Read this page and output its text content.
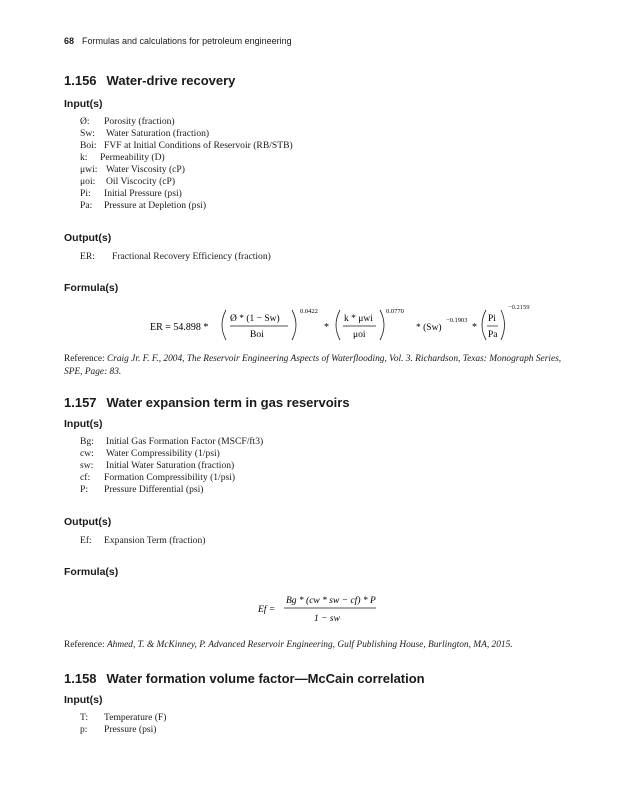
68 Formulas and calculations for petroleum engineering
1.156 Water-drive recovery
Input(s)
Ø: Porosity (fraction)
Sw: Water Saturation (fraction)
Boi: FVF at Initial Conditions of Reservoir (RB/STB)
k: Permeability (D)
μwi: Water Viscosity (cP)
μoi: Oil Viscocity (cP)
Pi: Initial Pressure (psi)
Pa: Pressure at Depletion (psi)
Output(s)
ER: Fractional Recovery Efficiency (fraction)
Formula(s)
ER = 54.898 *
Ø * (1 − Sw)
Boi
0.0422
*
k * μwi
μoi
0.0770
* (Sw)
−0.1903
*
Pi
Pa
−0.2159
Reference: Craig Jr. F. F., 2004, The Reservoir Engineering Aspects of Waterflooding, Vol. 3. Richardson, Texas: Monograph Series, SPE, Page: 83.
1.157 Water expansion term in gas reservoirs
Input(s)
Bg: Initial Gas Formation Factor (MSCF/ft3)
cw: Water Compressibility (1/psi)
sw: Initial Water Saturation (fraction)
cf: Formation Compressibility (1/psi)
P: Pressure Differential (psi)
Output(s)
Ef: Expansion Term (fraction)
Formula(s)
Ef =
Bg * (cw * sw − cf) * P
1 − sw
Reference: Ahmed, T. & McKinney, P. Advanced Reservoir Engineering, Gulf Publishing House, Burlington, MA, 2015.
1.158 Water formation volume factor—McCain correlation
Input(s)
T: Temperature (F)
p: Pressure (psi)
